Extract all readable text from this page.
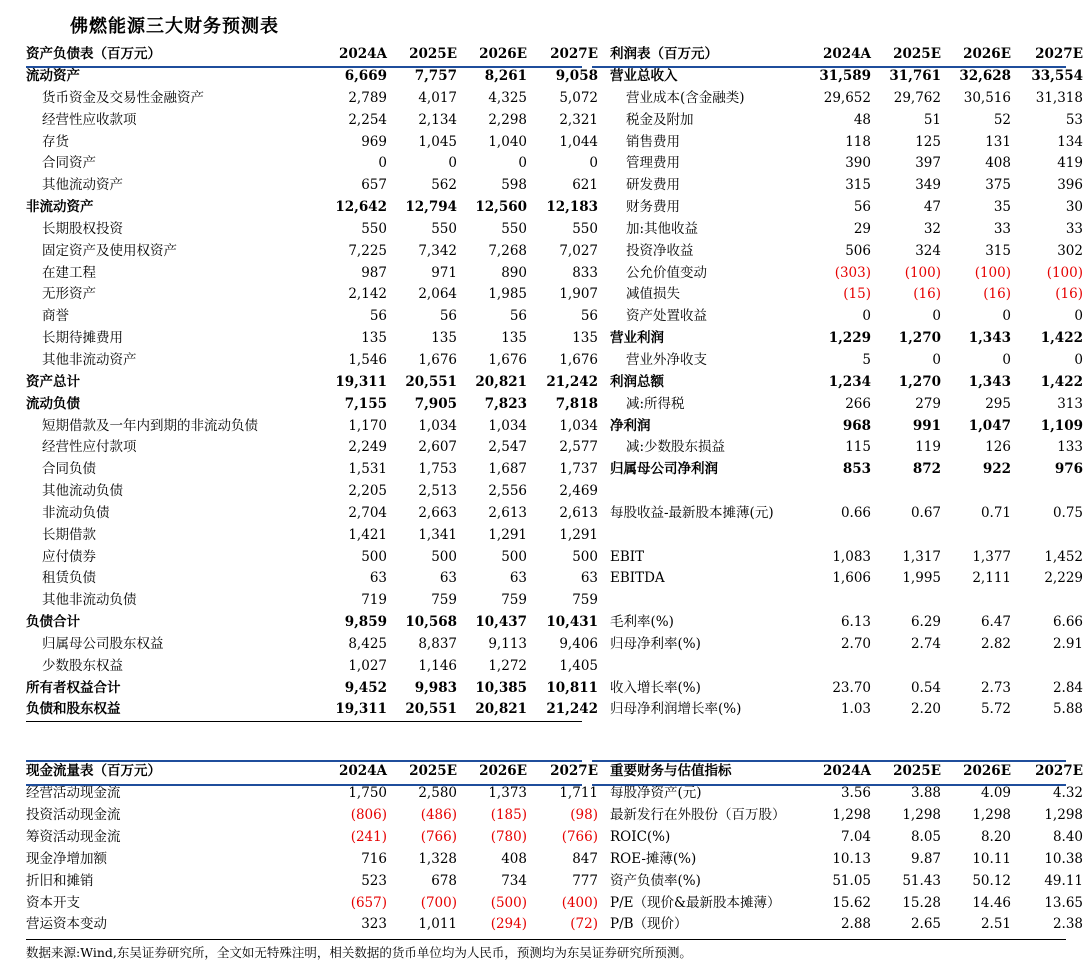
佛燃能源三大财务预测表
资产负债表（百万元）	2024A	2025E	2026E	2027E 利润表（百万元）	2024A	2025E	2026E	2027E
流动资产	6,669	7,757	8,261	9,058 营业总收入	31,589	31,761	32,628	33,554
货币资金及交易性金融资产	2,789	4,017	4,325	5,072	营业成本(含金融类)	29,652	29,762	30,516	31,318
经营性应收款项	2,254	2,134	2,298	2,321	税金及附加	48	51	52	53
存货	969	1,045	1,040	1,044	销售费用	118	125	131	134
合同资产	0	0	0	0	管理费用	390	397	408	419
其他流动资产	657	562	598	621	研发费用	315	349	375	396
非流动资产	12,642	12,794	12,560	12,183	财务费用	56	47	35	30
长期股权投资	550	550	550	550	加:其他收益	29	32	33	33
固定资产及使用权资产	7,225	7,342	7,268	7,027	投资净收益	506	324	315	302
在建工程	987	971	890	833	公允价值变动	(303)	(100)	(100)	(100)
无形资产	2,142	2,064	1,985	1,907	减值损失	(15)	(16)	(16)	(16)
商誉	56	56	56	56	资产处置收益	0	0	0	0
长期待摊费用	135	135	135	135 营业利润	1,229	1,270	1,343	1,422
其他非流动资产	1,546	1,676	1,676	1,676	营业外净收支	5	0	0	0
资产总计	19,311	20,551	20,821	21,242 利润总额	1,234	1,270	1,343	1,422
流动负债	7,155	7,905	7,823	7,818	减:所得税	266	279	295	313
短期借款及一年内到期的非流动负债	1,170	1,034	1,034	1,034 净利润	968	991	1,047	1,109
经营性应付款项	2,249	2,607	2,547	2,577	减:少数股东损益	115	119	126	133
合同负债	1,531	1,753	1,687	1,737 归属母公司净利润	853	872	922	976
其他流动负债	2,205	2,513	2,556	2,469
非流动负债	2,704	2,663	2,613	2,613 每股收益-最新股本摊薄(元)	0.66	0.67	0.71	0.75
长期借款	1,421	1,341	1,291	1,291
应付债券	500	500	500	500 EBIT	1,083	1,317	1,377	1,452
租赁负债	63	63	63	63 EBITDA	1,606	1,995	2,111	2,229
其他非流动负债	719	759	759	759
负债合计	9,859	10,568	10,437	10,431 毛利率(%)	6.13	6.29	6.47	6.66
归属母公司股东权益	8,425	8,837	9,113	9,406 归母净利率(%)	2.70	2.74	2.82	2.91
少数股东权益	1,027	1,146	1,272	1,405
所有者权益合计	9,452	9,983	10,385	10,811 收入增长率(%)	23.70	0.54	2.73	2.84
负债和股东权益	19,311	20,551	20,821	21,242 归母净利润增长率(%)	1.03	2.20	5.72	5.88
现金流量表（百万元）	2024A	2025E	2026E	2027E 重要财务与估值指标	2024A	2025E	2026E	2027E
经营活动现金流	1,750	2,580	1,373	1,711 每股净资产(元)	3.56	3.88	4.09	4.32
投资活动现金流	(806)	(486)	(185)	(98) 最新发行在外股份（百万股）	1,298	1,298	1,298	1,298
筹资活动现金流	(241)	(766)	(780)	(766) ROIC(%)	7.04	8.05	8.20	8.40
现金净增加额	716	1,328	408	847 ROE-摊薄(%)	10.13	9.87	10.11	10.38
折旧和摊销	523	678	734	777 资产负债率(%)	51.05	51.43	50.12	49.11
资本开支	(657)	(700)	(500)	(400) P/E（现价&最新股本摊薄）	15.62	15.28	14.46	13.65
营运资本变动	323	1,011	(294)	(72) P/B（现价）	2.88	2.65	2.51	2.38
数据来源:Wind,东吴证券研究所，全文如无特殊注明，相关数据的货币单位均为人民币，预测均为东吴证券研究所预测。
